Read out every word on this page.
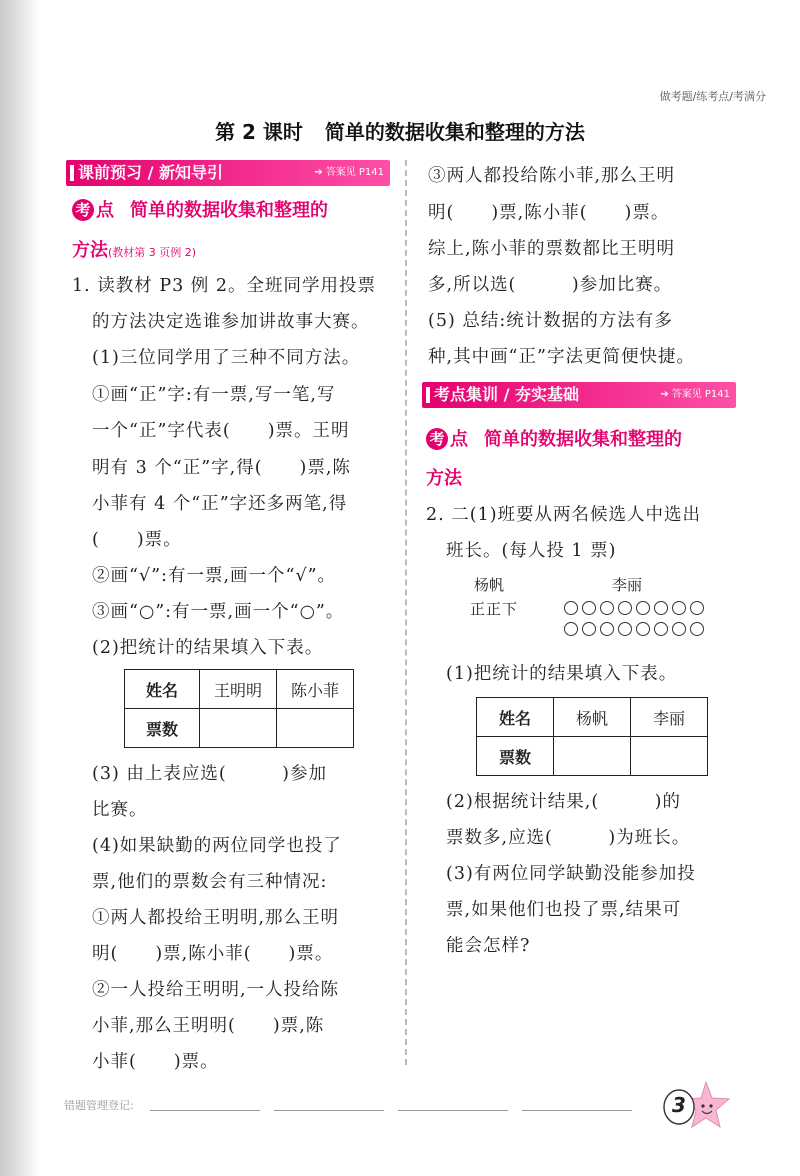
做考题/练考点/考满分
第 2 课时 简单的数据收集和整理的方法
课前预习 / 新知导引	➔ 答案见 P141
考 点 简单的数据收集和整理的
方法(教材第 3 页例 2)
1. 读教材 P3 例 2。全班同学用投票
的方法决定选谁参加讲故事大赛。
(1)三位同学用了三种不同方法。
①画“正”字:有一票,写一笔,写
一个“正”字代表(　　)票。王明
明有 3 个“正”字,得(　　)票,陈
小菲有 4 个“正”字还多两笔,得
(　　)票。
②画“√”:有一票,画一个“√”。
③画“○”:有一票,画一个“○”。
(2)把统计的结果填入下表。
姓名	王明明	陈小菲
票数		
(3) 由上表应选(　　　)参加
比赛。
(4)如果缺勤的两位同学也投了
票,他们的票数会有三种情况:
①两人都投给王明明,那么王明
明(　　)票,陈小菲(　　)票。
②一人投给王明明,一人投给陈
小菲,那么王明明(　　)票,陈
小菲(　　)票。
③两人都投给陈小菲,那么王明
明(　　)票,陈小菲(　　)票。
综上,陈小菲的票数都比王明明
多,所以选(　　　)参加比赛。
(5) 总结:统计数据的方法有多
种,其中画“正”字法更简便快捷。
考点集训 / 夯实基础	➔ 答案见 P141
考 点 简单的数据收集和整理的
方法
2. 二(1)班要从两名候选人中选出
班长。(每人投 1 票)
杨帆	李丽
正正下
(1)把统计的结果填入下表。
姓名	杨帆	李丽
票数		
(2)根据统计结果,(　　　)的
票数多,应选(　　　)为班长。
(3)有两位同学缺勤没能参加投
票,如果他们也投了票,结果可
能会怎样?
错题管理登记:	3
